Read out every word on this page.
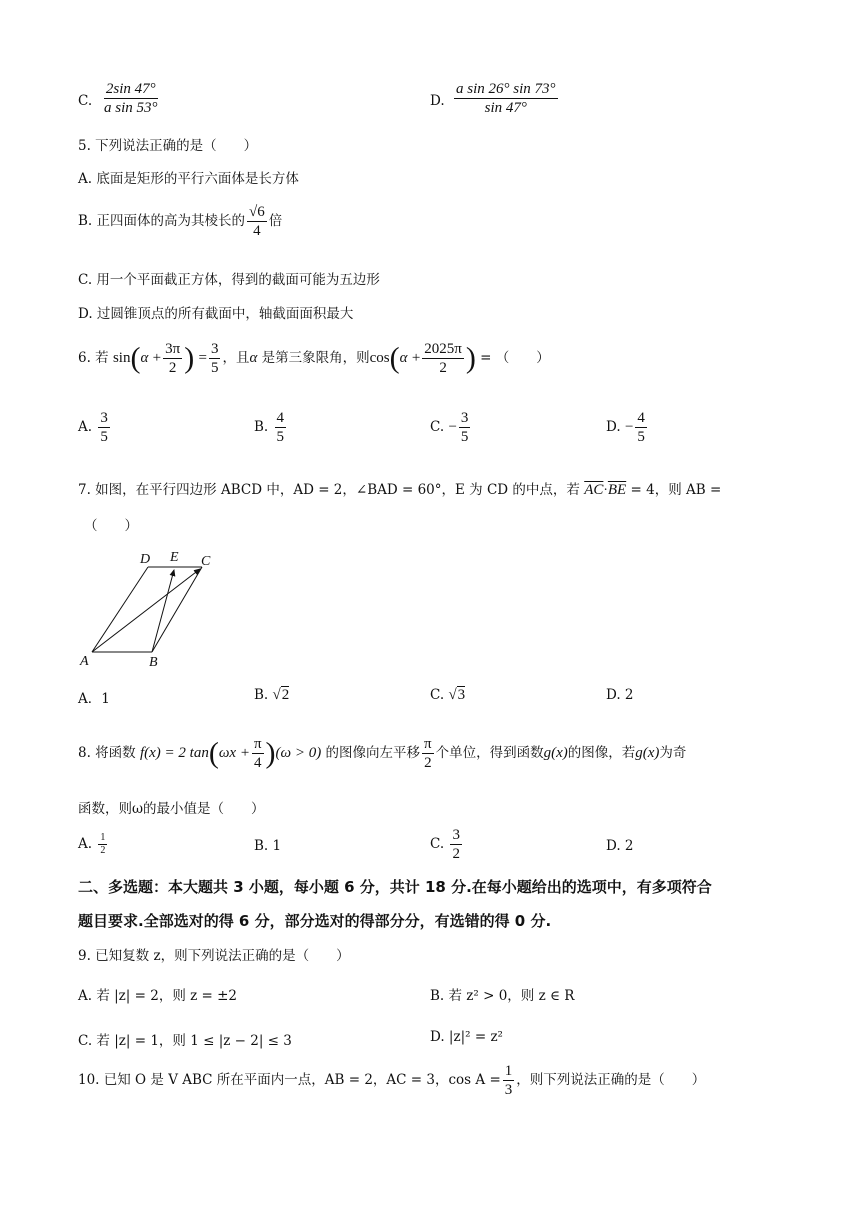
C. $\frac{2\sin 47^\circ}{\text{a sin 53°}}$	D. $\frac{\text{a sin 26° sin 73°}}{\sin 47^\circ}$
5. 下列说法正确的是（　　）
A. 底面是矩形的平行六面体是长方体
B. 正四面体的高为其棱长的 $\frac{√6}{4}$ 倍
C. 用一个平面截正方体，得到的截面可能为五边形
D. 过圆锥顶点的所有截面中，轴截面面积最大
6. 若 $\sin(\alpha + \frac{3\pi}{2}$ ) = $\frac{3}{5}$ ，且α 是第三象限角，则$\cos(\alpha + \frac{2025\pi}{2}$ ) = （　　）
A. $\frac{3}{5}$	B. $\frac{4}{5}$	C. − $\frac{3}{5}$	D. − $\frac{4}{5}$
7. 如图，在平行四边形 ABCD 中，AD = 2，∠BAD = 60°，E 为 CD 的中点，若 $\overline{AC}\cdot\overline{BE} = 4$，则 AB =
（　　）
D E C
A	B
A．1	B. √2	C. √3	D. 2
8. 将函数 f(x) = 2 $\tan(\omega x + \frac{\pi}{4} )(\omega > 0)$ 的图像向左平移 $\frac{\pi}{2}$ 个单位，得到函数g(x)的图像，若g(x)为奇
函数，则ω的最小值是（　　）
A. $\frac{1}{2}$	B. 1	C. $\frac{3}{2}$	D. 2
二、多选题：本大题共 3 小题，每小题 6 分，共计 18 分.在每小题给出的选项中，有多项符合
题目要求.全部选对的得 6 分，部分选对的得部分分，有选错的得 0 分.
9. 已知复数 z，则下列说法正确的是（　　）
A. 若 |z| = 2，则 z = ±2	B. 若 z² > 0，则 z ∈ R
C. 若 |z| = 1，则 1 ≤ |z − 2| ≤ 3	D. |z|² = z²
10. 已知 O 是 V ABC 所在平面内一点，AB = 2，AC = 3，$\cos A = \frac{1}{3}$ ，则下列说法正确的是（　　）
